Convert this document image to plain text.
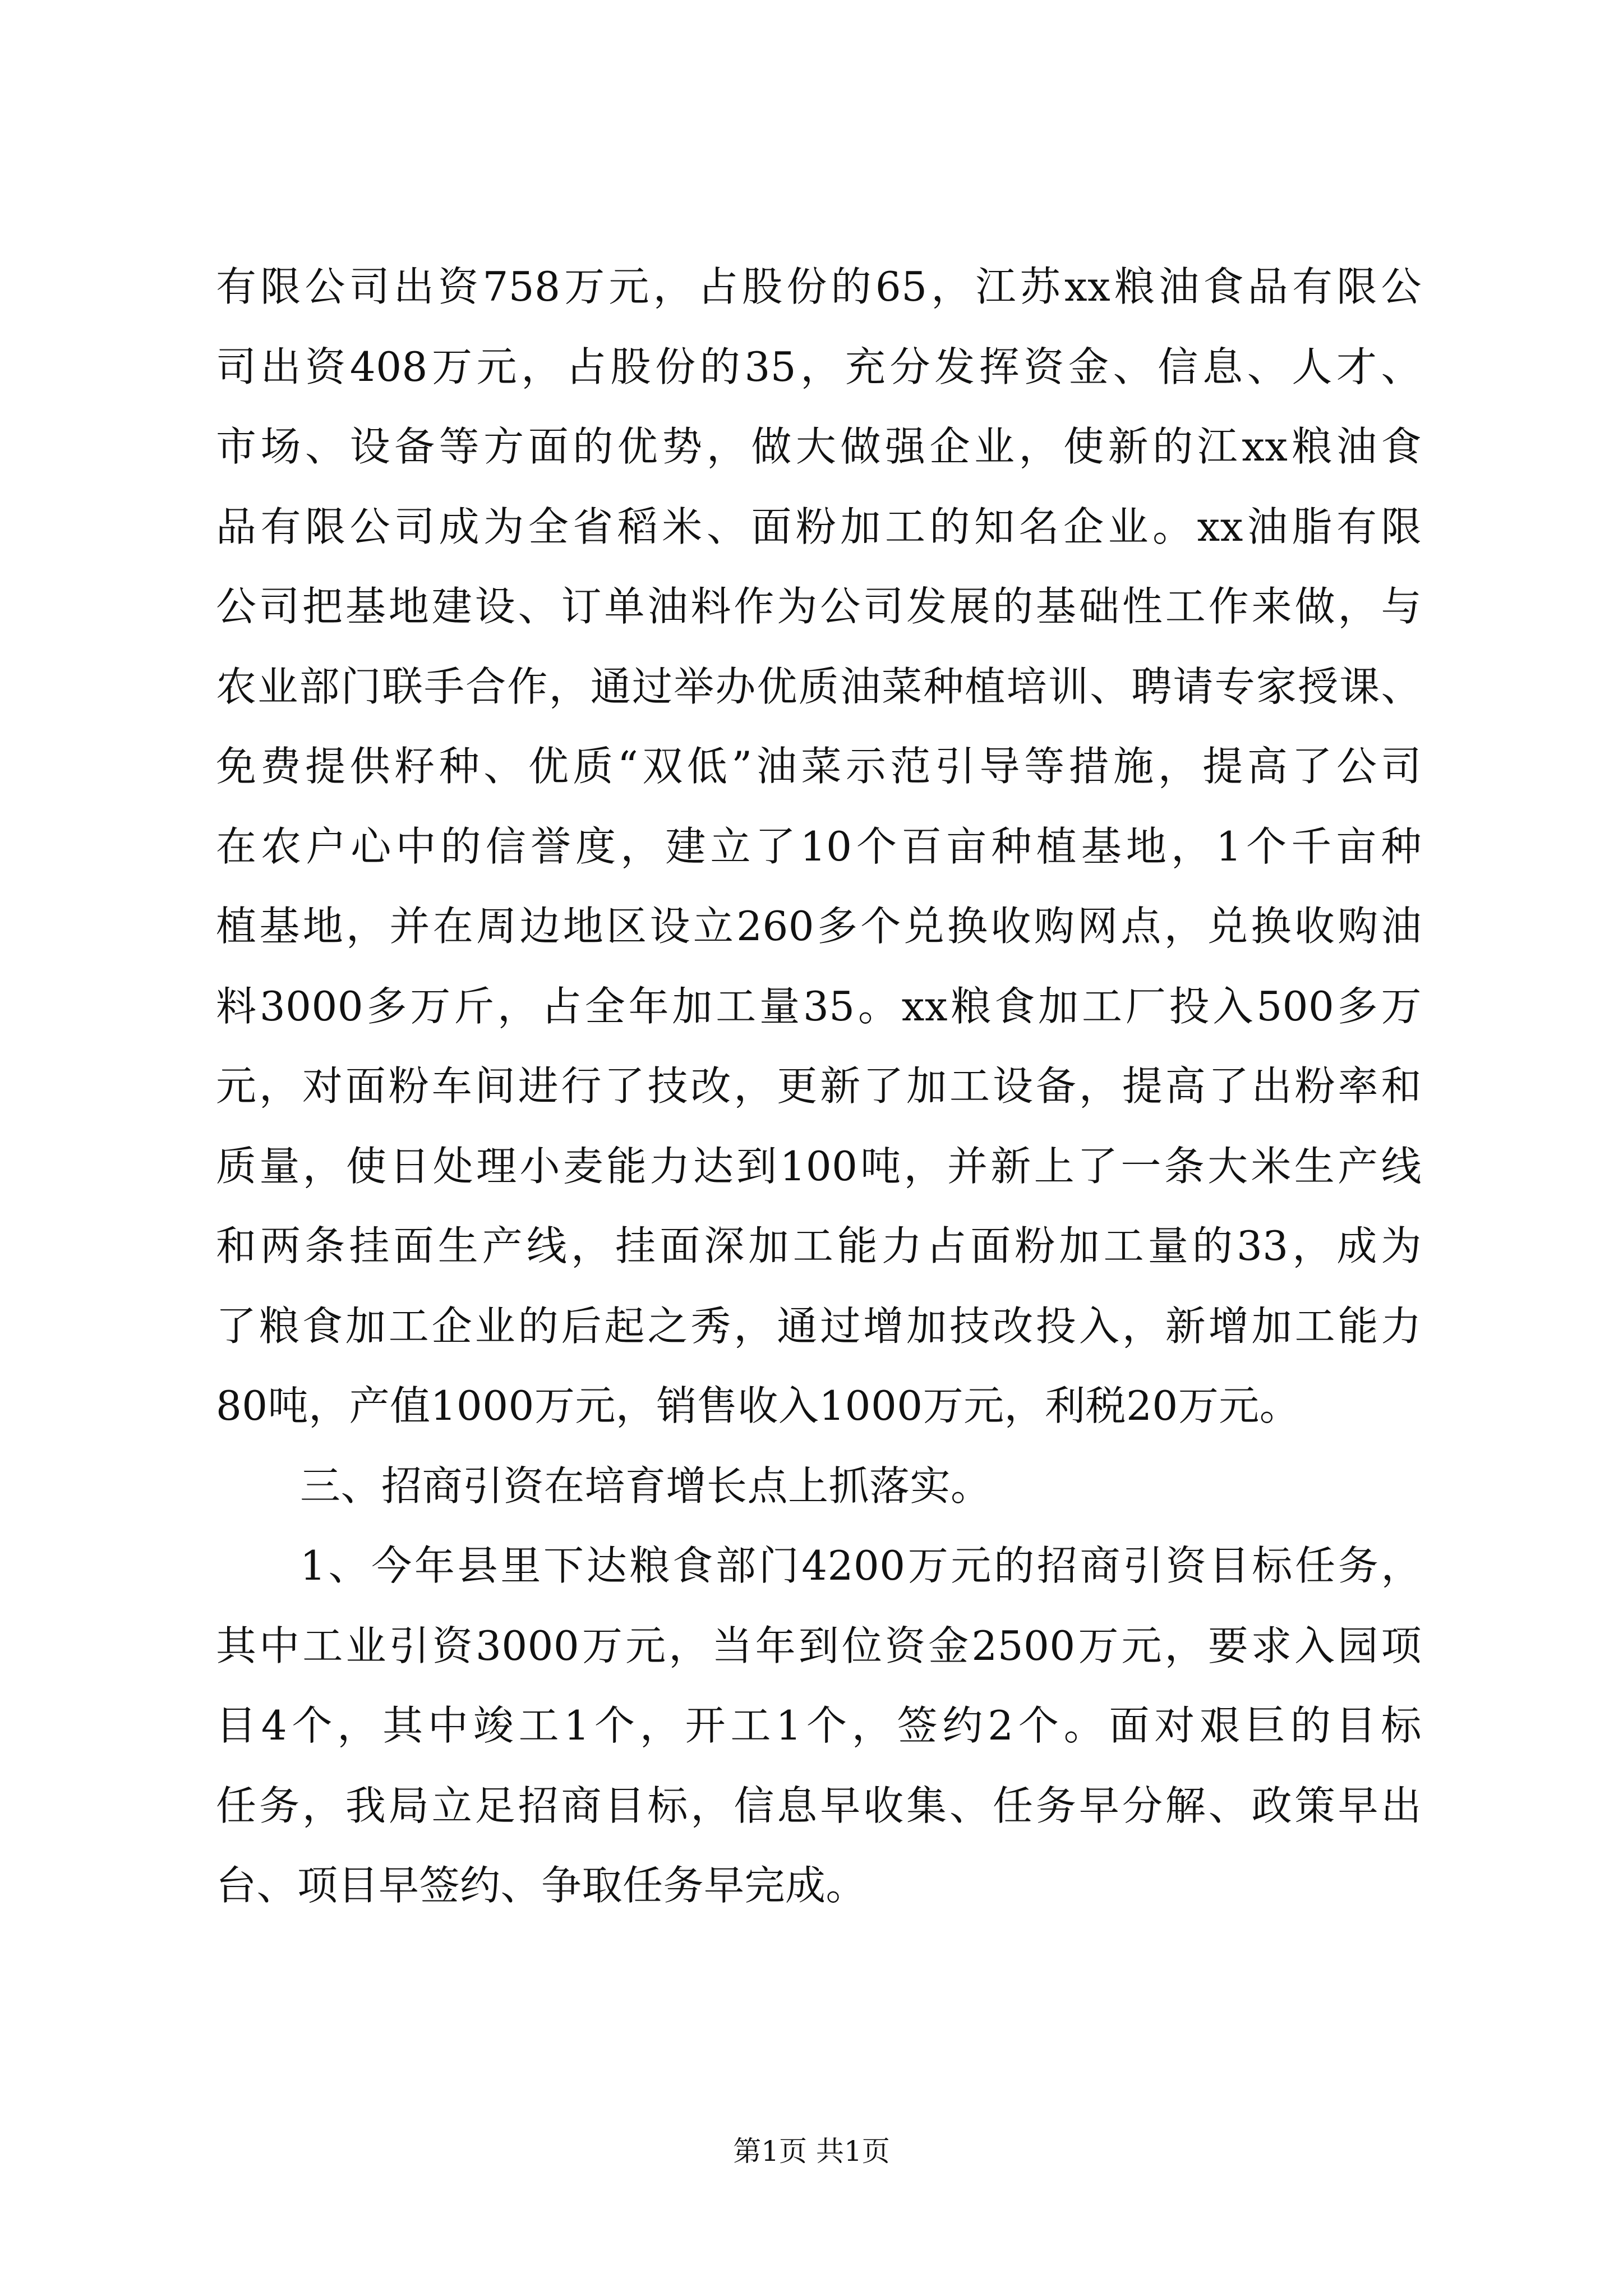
有限公司出资758万元，占股份的65，江苏xx粮油食品有限公
司出资408万元，占股份的35，充分发挥资金、信息、人才、
市场、设备等方面的优势，做大做强企业，使新的江xx粮油食
品有限公司成为全省稻米、面粉加工的知名企业。xx油脂有限
公司把基地建设、订单油料作为公司发展的基础性工作来做，与
农业部门联手合作，通过举办优质油菜种植培训、聘请专家授课、
免费提供籽种、优质“双低”油菜示范引导等措施，提高了公司
在农户心中的信誉度，建立了10个百亩种植基地，1个千亩种
植基地，并在周边地区设立260多个兑换收购网点，兑换收购油
料3000多万斤，占全年加工量35。xx粮食加工厂投入500多万
元，对面粉车间进行了技改，更新了加工设备，提高了出粉率和
质量，使日处理小麦能力达到100吨，并新上了一条大米生产线
和两条挂面生产线，挂面深加工能力占面粉加工量的33，成为
了粮食加工企业的后起之秀，通过增加技改投入，新增加工能力
80吨，产值1000万元，销售收入1000万元，利税20万元。
三、招商引资在培育增长点上抓落实。
1、今年县里下达粮食部门4200万元的招商引资目标任务，
其中工业引资3000万元，当年到位资金2500万元，要求入园项
目4个，其中竣工1个，开工1个，签约2个。面对艰巨的目标
任务，我局立足招商目标，信息早收集、任务早分解、政策早出
台、项目早签约、争取任务早完成。
第1页 共1页
